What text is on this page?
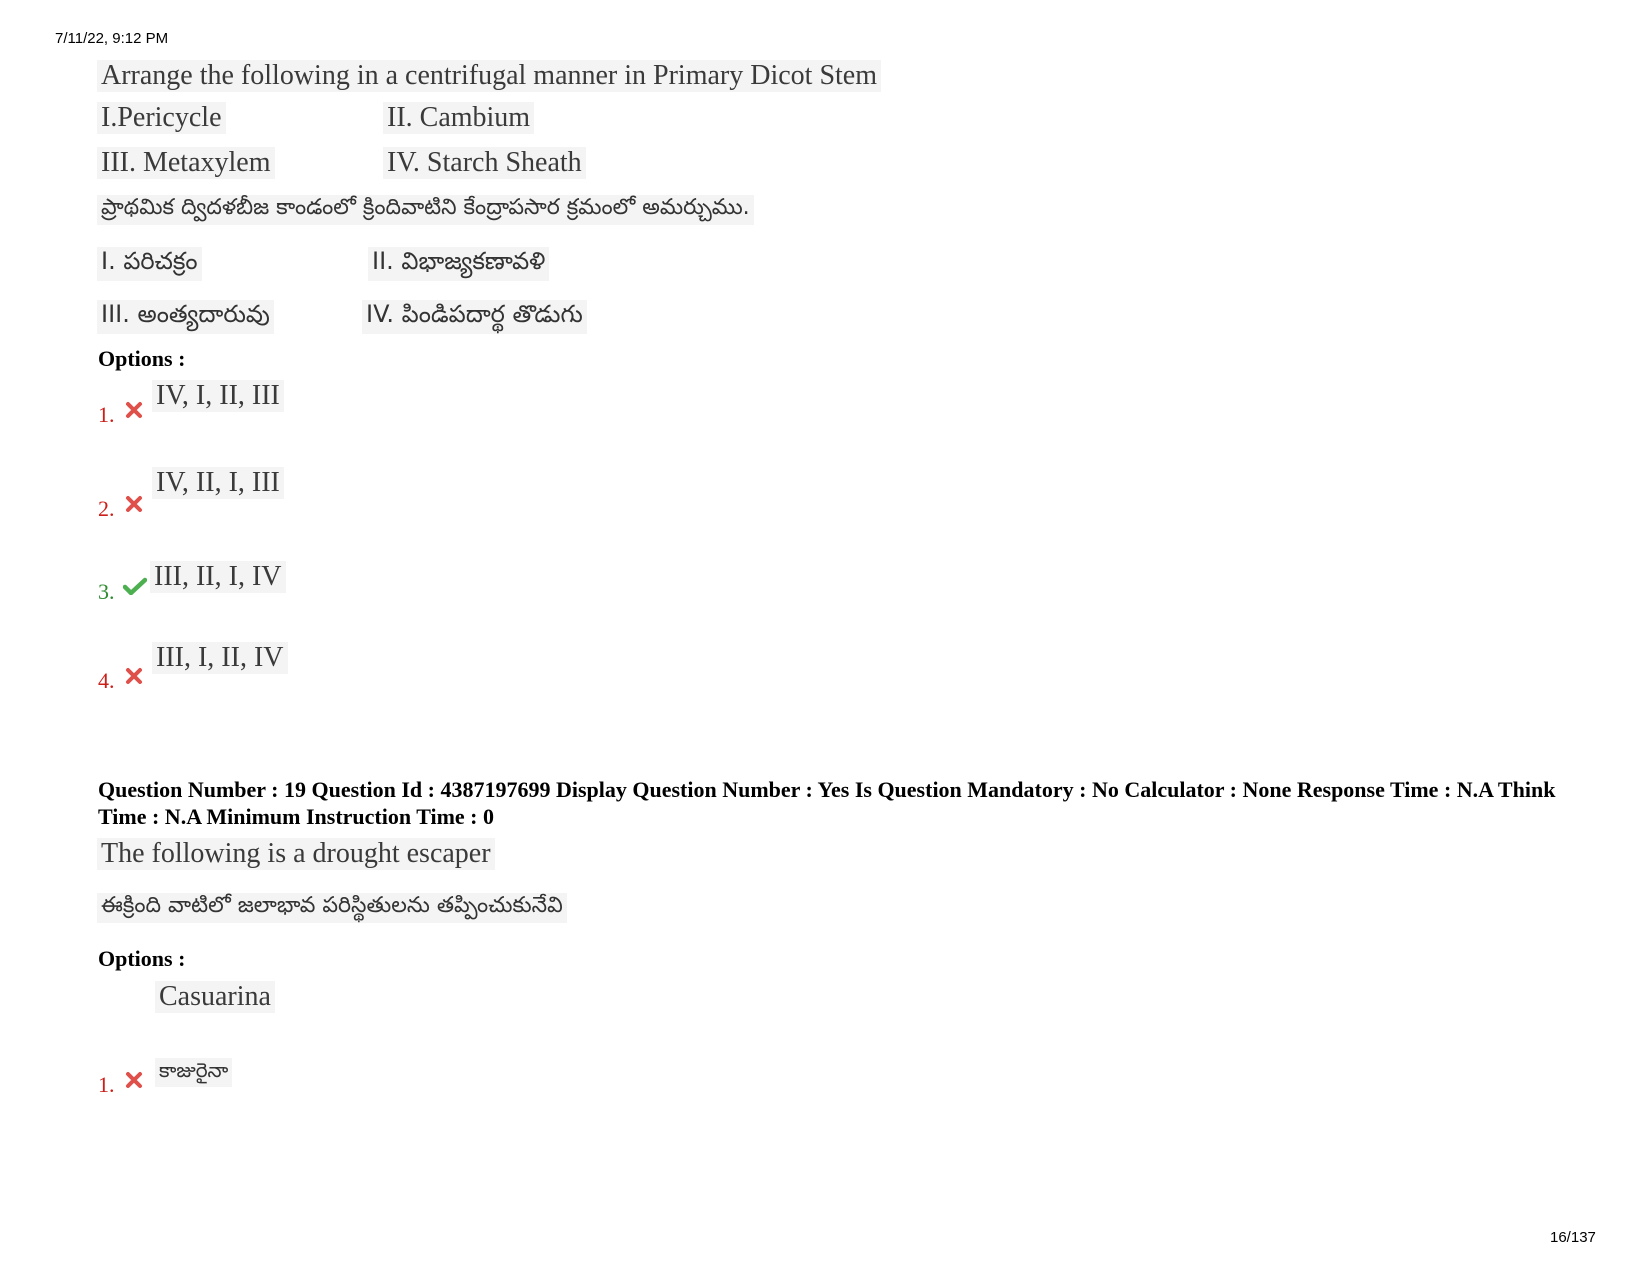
7/11/22, 9:12 PM
Arrange the following in a centrifugal manner in Primary Dicot Stem
I.Pericycle	II. Cambium
III. Metaxylem	IV. Starch Sheath
ప్రాథమిక ద్విదళబీజ కాండంలో క్రిందివాటిని కేంద్రాపసార క్రమంలో అమర్చుము.
I. పరిచక్రం	II. విభాజ్యకణావళి
III. అంత్యదారువు	IV. పిండిపదార్థ తొడుగు
Options :
1.
IV, I, II, III
2.
IV, II, I, III
3. III, II, I, IV
4.
III, I, II, IV
Question Number : 19 Question Id : 4387197699 Display Question Number : Yes Is Question Mandatory : No Calculator : None Response Time : N.A Think Time : N.A Minimum Instruction Time : 0
The following is a drought escaper
ఈక్రింది వాటిలో జలాభావ పరిస్థితులను తప్పించుకునేవి
Options :
Casuarina
1.
కాజురైనా
16/137
